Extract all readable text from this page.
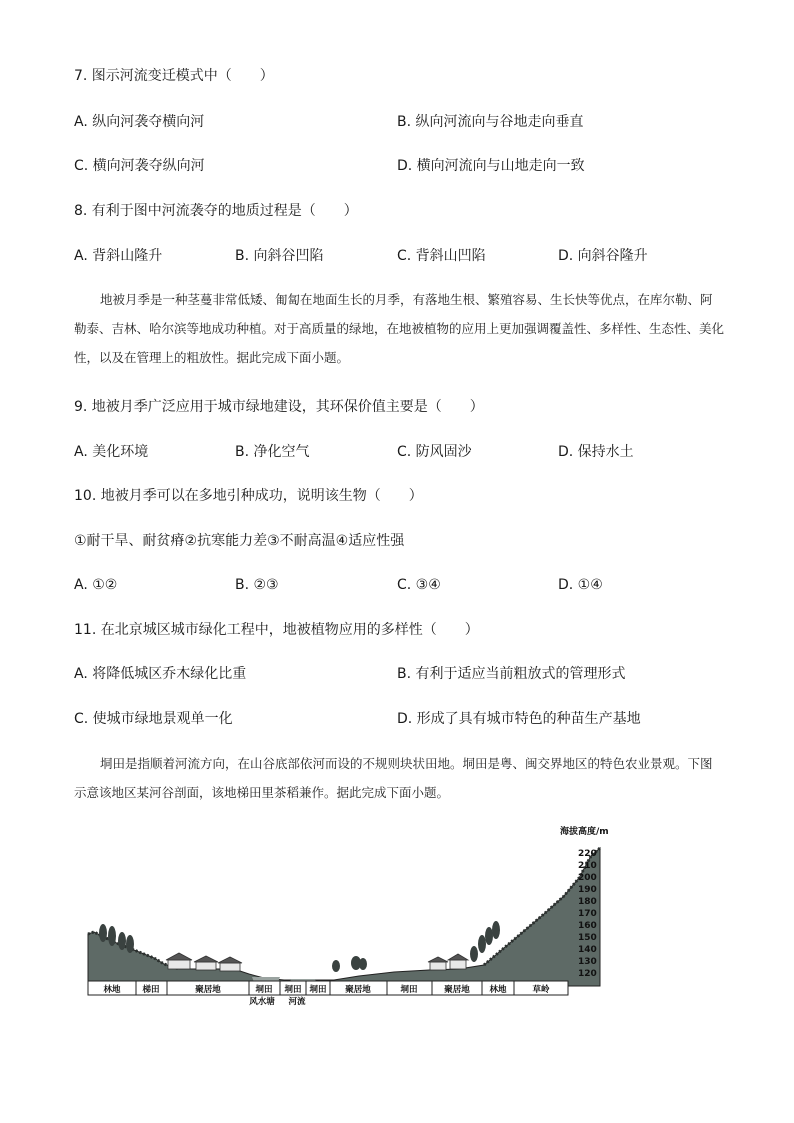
7. 图示河流变迁模式中（　　）
A. 纵向河袭夺横向河	B. 纵向河流向与谷地走向垂直
C. 横向河袭夺纵向河	D. 横向河流向与山地走向一致
8. 有利于图中河流袭夺的地质过程是（　　）
A. 背斜山隆升	B. 向斜谷凹陷	C. 背斜山凹陷	D. 向斜谷隆升
地被月季是一种茎蔓非常低矮、匍匐在地面生长的月季，有落地生根、繁殖容易、生长快等优点，在库尔勒、阿勒泰、吉林、哈尔滨等地成功种植。对于高质量的绿地，在地被植物的应用上更加强调覆盖性、多样性、生态性、美化性，以及在管理上的粗放性。据此完成下面小题。
9. 地被月季广泛应用于城市绿地建设，其环保价值主要是（　　）
A. 美化环境	B. 净化空气	C. 防风固沙	D. 保持水土
10. 地被月季可以在多地引种成功，说明该生物（　　）
①耐干旱、耐贫瘠②抗寒能力差③不耐高温④适应性强
A. ①②	B. ②③	C. ③④	D. ①④
11. 在北京城区城市绿化工程中，地被植物应用的多样性（　　）
A. 将降低城区乔木绿化比重	B. 有利于适应当前粗放式的管理形式
C. 使城市绿地景观单一化	D. 形成了具有城市特色的种苗生产基地
垌田是指顺着河流方向，在山谷底部依河而设的不规则块状田地。垌田是粤、闽交界地区的特色农业景观。下图示意该地区某河谷剖面，该地梯田里茶稻兼作。据此完成下面小题。
林地	梯田	聚居地	垌田 垌田 垌田 聚居地	垌田	聚居地 林地	草岭
风水塘 河流
海拔高度/m
220
210
200
190
180
170
160
150
140
130
120
